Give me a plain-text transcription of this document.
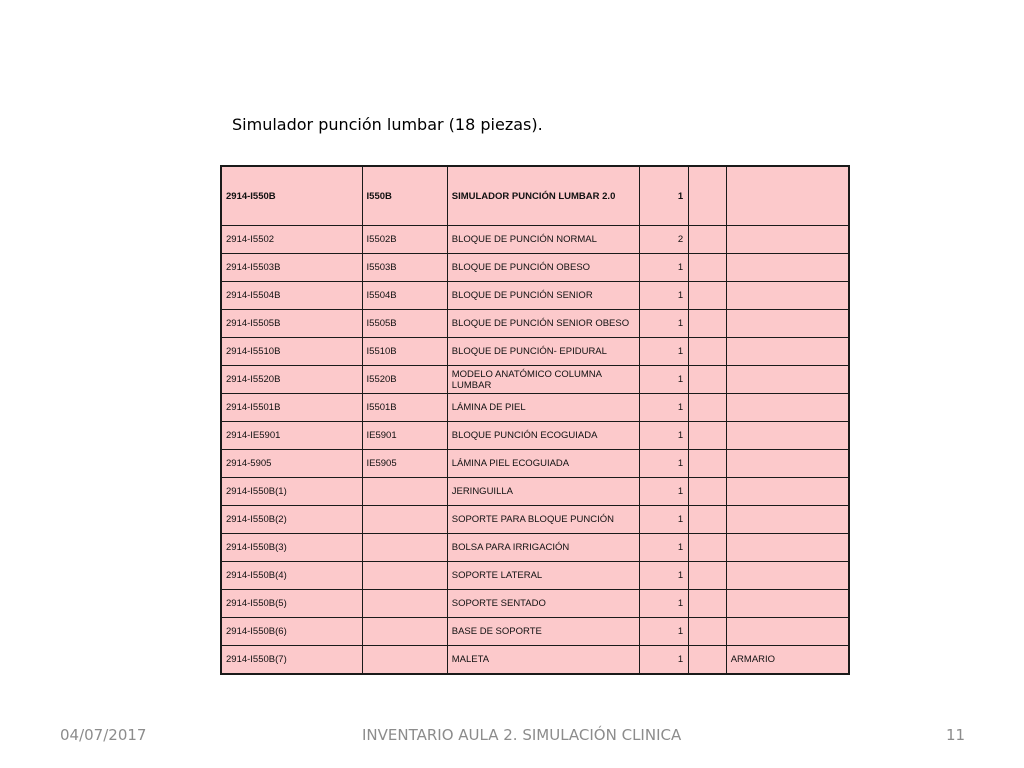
Simulador punción lumbar (18 piezas).
2914-I550B	I550B	SIMULADOR PUNCIÓN LUMBAR 2.0	1		
2914-I5502	I5502B	BLOQUE DE PUNCIÓN NORMAL	2		
2914-I5503B	I5503B	BLOQUE DE PUNCIÓN OBESO	1		
2914-I5504B	I5504B	BLOQUE DE PUNCIÓN SENIOR	1		
2914-I5505B	I5505B	BLOQUE DE PUNCIÓN SENIOR OBESO	1		
2914-I5510B	I5510B	BLOQUE DE PUNCIÓN- EPIDURAL	1		
2914-I5520B	I5520B	MODELO ANATÓMICO COLUMNA LUMBAR	1		
2914-I5501B	I5501B	LÁMINA DE PIEL	1		
2914-IE5901	IE5901	BLOQUE PUNCIÓN ECOGUIADA	1		
2914-5905	IE5905	LÁMINA PIEL ECOGUIADA	1		
2914-I550B(1)		JERINGUILLA	1		
2914-I550B(2)		SOPORTE PARA BLOQUE PUNCIÓN	1		
2914-I550B(3)		BOLSA PARA IRRIGACIÓN	1		
2914-I550B(4)		SOPORTE LATERAL	1		
2914-I550B(5)		SOPORTE SENTADO	1		
2914-I550B(6)		BASE DE SOPORTE	1		
2914-I550B(7)		MALETA	1		ARMARIO
04/07/2017	INVENTARIO AULA 2. SIMULACIÓN CLINICA	11
